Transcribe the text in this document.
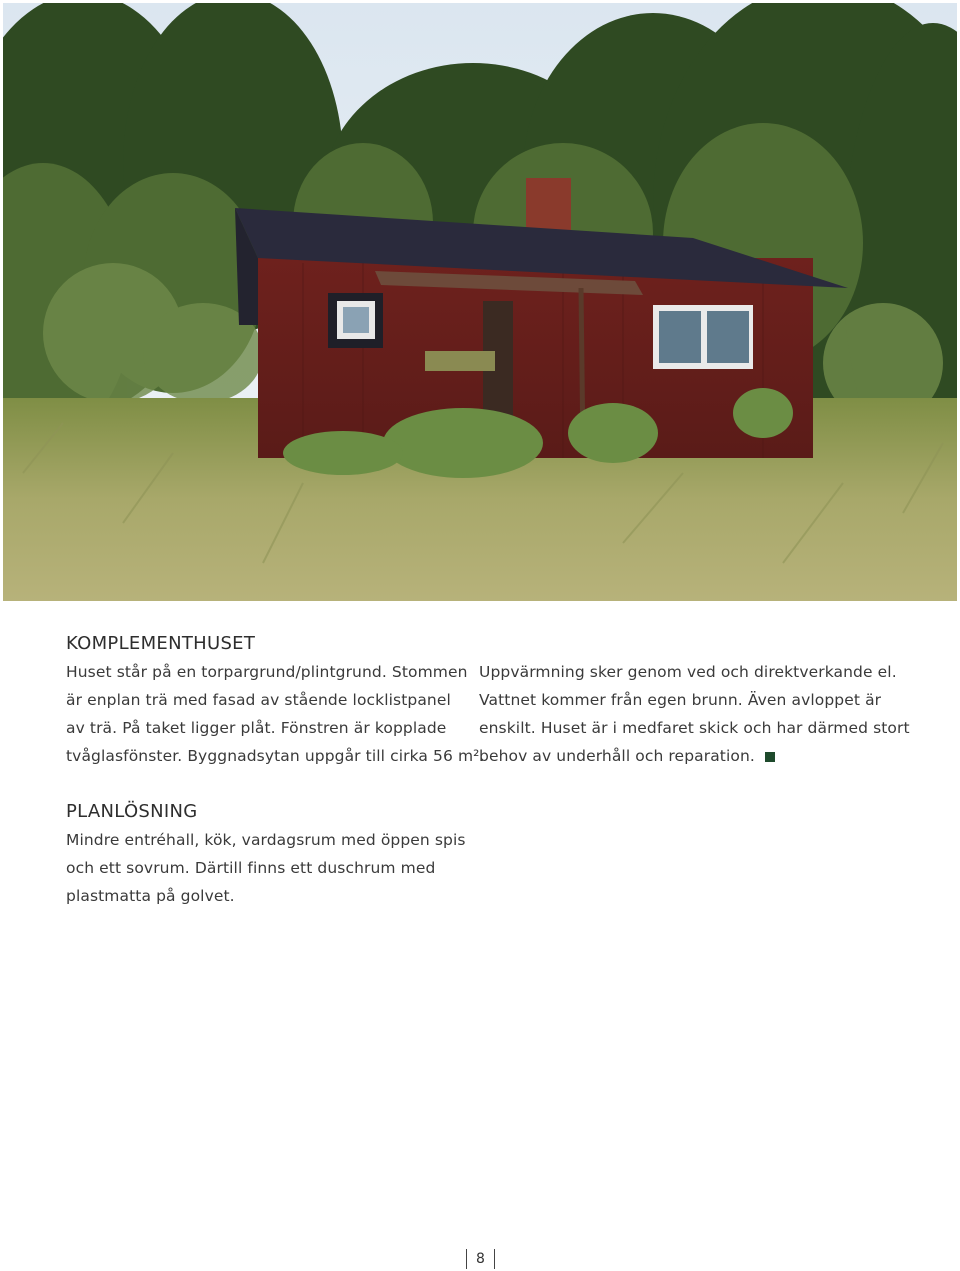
KOMPLEMENTHUSET
Huset står på en torpargrund/plintgrund. Stommen
är enplan trä med fasad av stående locklistpanel
av trä. På taket ligger plåt. Fönstren är kopplade
tvåglasfönster. Byggnadsytan uppgår till cirka 56 m².
Uppvärmning sker genom ved och direktverkande el.
Vattnet kommer från egen brunn. Även avloppet är
enskilt. Huset är i medfaret skick och har därmed stort
behov av underhåll och reparation.
PLANLÖSNING
Mindre entréhall, kök, vardagsrum med öppen spis
och ett sovrum. Därtill finns ett duschrum med
plastmatta på golvet.
8
